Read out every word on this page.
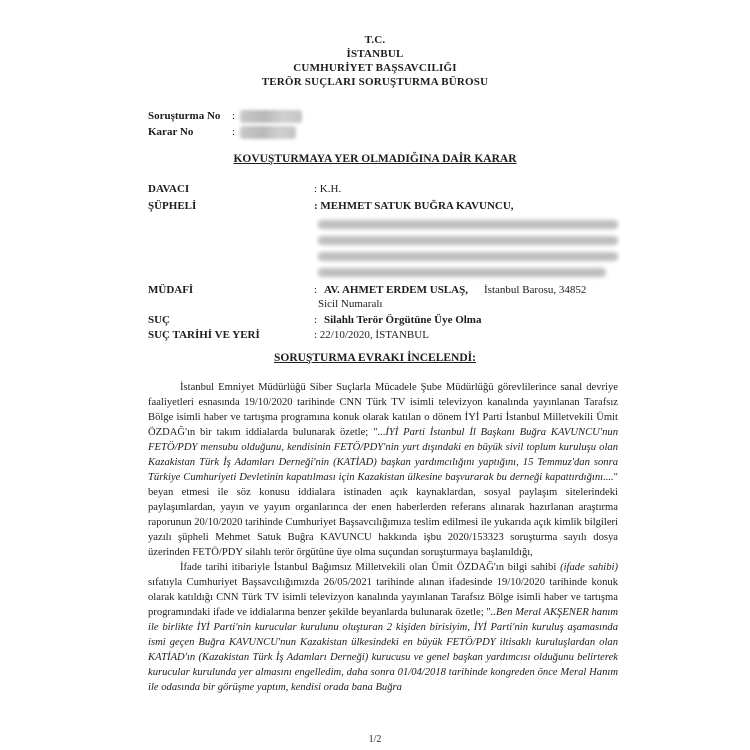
T.C.
İSTANBUL
CUMHURİYET BAŞSAVCILIĞI
TERÖR SUÇLARI SORUŞTURMA BÜROSU
Soruşturma No :
Karar No	:
KOVUŞTURMAYA YER OLMADIĞINA DAİR KARAR
DAVACI	: K.H.
ŞÜPHELİ	: MEHMET SATUK BUĞRA KAVUNCU,
MÜDAFİ	: AV. AHMET ERDEM USLAŞ, İstanbul Barosu, 34852
Sicil Numaralı
SUÇ	: Silahlı Terör Örgütüne Üye Olma
SUÇ TARİHİ VE YERİ	: 22/10/2020, İSTANBUL
SORUŞTURMA EVRAKI İNCELENDİ:

İstanbul Emniyet Müdürlüğü Siber Suçlarla Mücadele Şube Müdürlüğü görevlilerince sanal devriye faaliyetleri esnasında 19/10/2020 tarihinde CNN Türk TV isimli televizyon kanalında yayınlanan Tarafsız Bölge isimli haber ve tartışma programına konuk olarak katılan o dönem İYİ Parti İstanbul Milletvekili Ümit ÖZDAĞ'ın bir takım iddialarda bulunarak özetle; "...İYİ Parti İstanbul İl Başkanı Buğra KAVUNCU'nun FETÖ/PDY mensubu olduğunu, kendisinin FETÖ/PDY'nin yurt dışındaki en büyük sivil toplum kuruluşu olan Kazakistan Türk İş Adamları Derneği'nin (KATİAD) başkan yardımcılığını yaptığını, 15 Temmuz'dan sonra Türkiye Cumhuriyeti Devletinin kapatılması için Kazakistan ülkesine başvurarak bu derneği kapattırdığını...." beyan etmesi ile söz konusu iddialara istinaden açık kaynaklardan, sosyal paylaşım sitelerindeki paylaşımlardan, yayın ve yayım organlarınca der enen haberlerden referans alınarak hazırlanan araştırma raporunun 20/10/2020 tarihinde Cumhuriyet Başsavcılığımıza teslim edilmesi ile yukarıda açık kimlik bilgileri yazılı şüpheli Mehmet Satuk Buğra KAVUNCU hakkında işbu 2020/153323 soruşturma sayılı dosya üzerinden FETÖ/PDY silahlı terör örgütüne üye olma suçundan soruşturmaya başlanıldığı,

İfade tarihi itibariyle İstanbul Bağımsız Milletvekili olan Ümit ÖZDAĞ'ın bilgi sahibi (ifade sahibi) sıfatıyla Cumhuriyet Başsavcılığımızda 26/05/2021 tarihinde alınan ifadesinde 19/10/2020 tarihinde konuk olarak katıldığı CNN Türk TV isimli televizyon kanalında yayınlanan Tarafsız Bölge isimli haber ve tartışma programındaki ifade ve iddialarına benzer şekilde beyanlarda bulunarak özetle; "..Ben Meral AKŞENER hanım ile birlikte İYİ Parti'nin kurucular kurulunu oluşturan 2 kişiden birisiyim, İYİ Parti'nin kuruluş aşamasında ismi geçen Buğra KAVUNCU'nun Kazakistan ülkesindeki en büyük FETÖ/PDY iltisaklı kuruluşlardan olan KATİAD'ın (Kazakistan Türk İş Adamları Derneği) kurucusu ve genel başkan yardımcısı olduğunu belirterek kurucular kurulunda yer almasını engelledim, daha sonra 01/04/2018 tarihinde kongreden önce Meral Hanım ile odasında bir görüşme yaptım, kendisi orada bana Buğra

1/2
